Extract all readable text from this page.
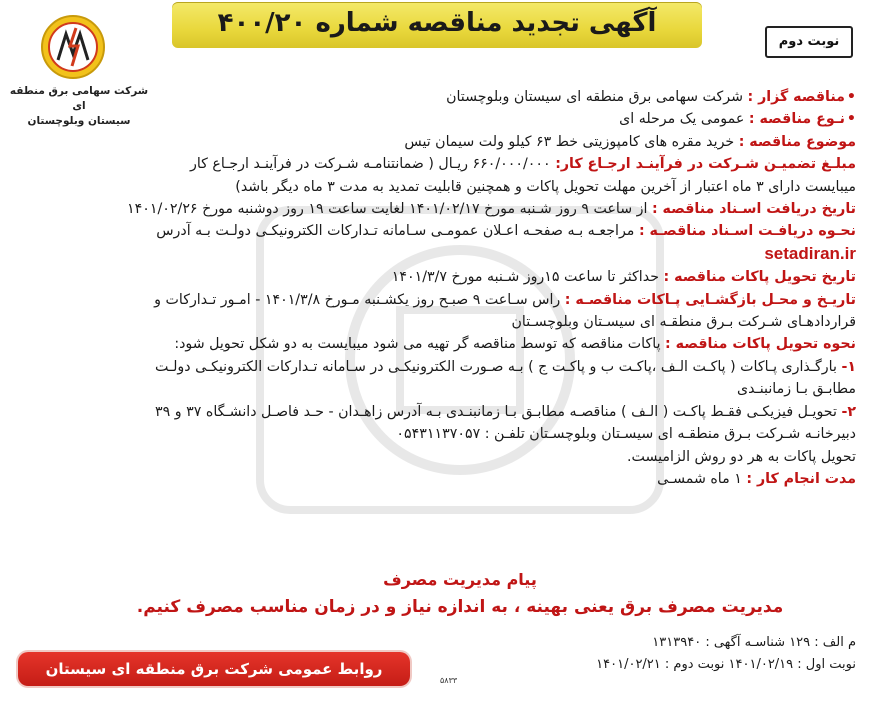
شرکت سهامی برق منطقه ای
سیستان وبلوچستان
آگهی تجدید مناقصه شماره ۴۰۰/۲۰
نوبت دوم

•مناقصه گزار : شرکت سهامی برق منطقه ای سیستان وبلوچستان

•نـوع مناقصه : عمومی یک مرحله ای

موضوع مناقصه : خرید مقره های کامپوزیتی خط ۶۳ کیلو ولت سیمان تیس

مبلـغ تضمیـن شـرکت در فرآینـد ارجـاع کار: ۶۶۰/۰۰۰/۰۰۰ ریـال ( ضمانتنامـه شـرکت در فرآینـد ارجـاع کار

میبایست دارای ۳ ماه اعتبار از آخرین مهلت تحویل پاکات و همچنین قابلیت تمدید به مدت ۳ ماه دیگر باشد)

تاریخ دریافت اسـناد مناقصه : از ساعت ۹ روز شـنبه مورخ ۱۴۰۱/۰۲/۱۷ لغایت ساعت ۱۹ روز دوشنبه مورخ ۱۴۰۱/۰۲/۲۶

نحـوه دریافـت اسـناد مناقصـه : مراجعـه بـه صفحـه اعـلان عمومـی سـامانه تـدارکات الکترونیکـی دولـت بـه آدرس

setadiran.ir

تاریخ تحویل پاکات مناقصه : حداکثر تا ساعت ۱۵روز شـنبه مورخ ۱۴۰۱/۳/۷

تاریـخ و محـل بازگشـایی پـاکات مناقصـه : راس سـاعت ۹ صبـح روز یکشـنبه مـورخ ۱۴۰۱/۳/۸ - امـور تـدارکات و

قراردادهـای شـرکت بـرق منطقـه ای سیسـتان وبلوچسـتان

نحوه تحویل پاکات مناقصه : پاکات مناقصه که توسط مناقصه گر تهیه می شود میبایست به دو شکل تحویل شود:

۱- بارگـذاری پـاکات ( پاکـت الـف ،پاکـت ب و پاکـت ج ) بـه صـورت الکترونیکـی در سـامانه تـدارکات الکترونیکـی دولـت

مطابـق بـا زمانبنـدی

۲- تحویـل فیزیکـی فقـط پاکـت ( الـف ) مناقصـه مطابـق بـا زمانبنـدی بـه آدرس زاهـدان - حـد فاصـل دانشـگاه ۳۷ و ۳۹

دبیرخانـه شـرکت بـرق منطقـه ای سیسـتان وبلوچسـتان تلفـن : ۰۵۴۳۱۱۳۷۰۵۷

تحویل پاکات به هر دو روش الزامیست.

مدت انجام کار : ۱ ماه شمسـی

پیام مدیریت مصرف
مدیریت مصرف برق یعنی بهینه ، به اندازه نیاز و در زمان مناسب مصرف کنیم.

م الف : ۱۲۹ شناسـه آگهی : ۱۳۱۳۹۴۰

نوبت اول : ۱۴۰۱/۰۲/۱۹ نوبت دوم : ۱۴۰۱/۰۲/۲۱

۵۸۳۳
روابط عمومی شرکت برق منطقه ای سیستان وبلوچستان
